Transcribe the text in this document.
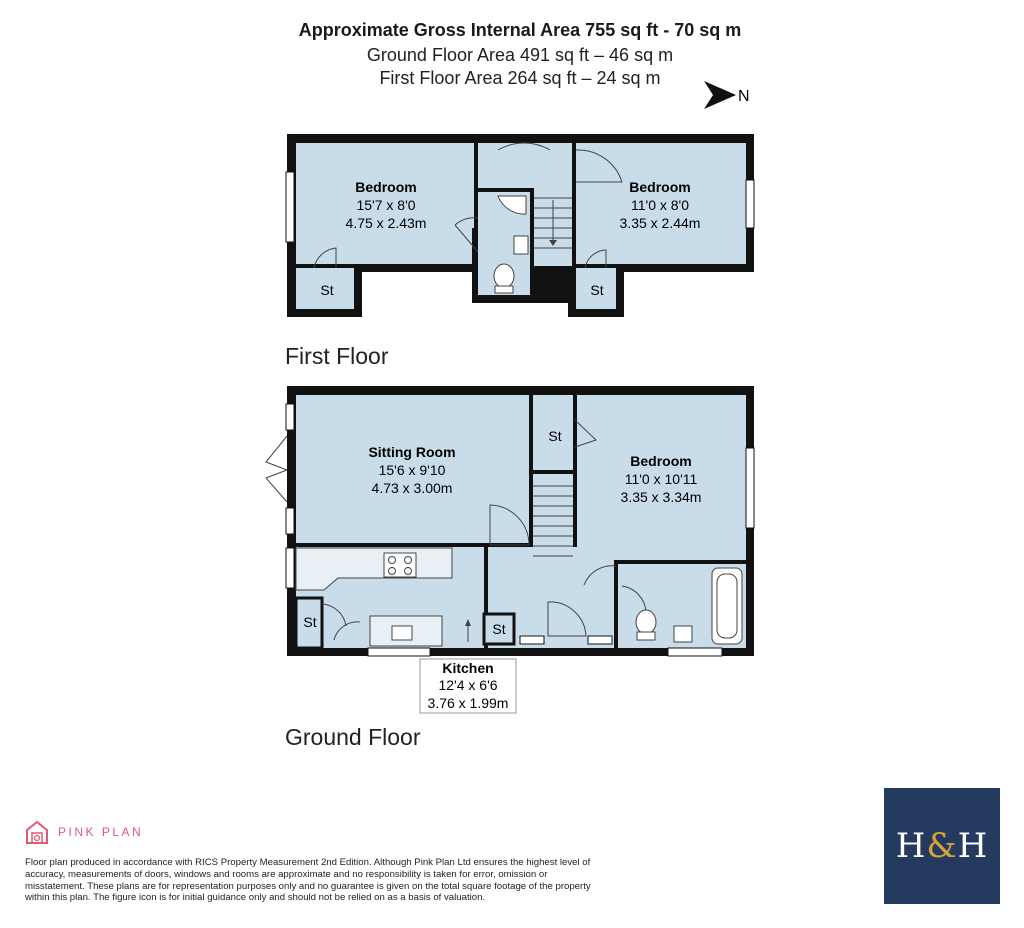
Approximate Gross Internal Area 755 sq ft - 70 sq m
Ground Floor Area 491 sq ft – 46 sq m
First Floor Area 264 sq ft – 24 sq m
N
Bedroom
15'7 x 8'0
4.75 x 2.43m
Bedroom
11'0 x 8'0
3.35 x 2.44m
St	St
Sitting Room
15'6 x 9'10
4.73 x 3.00m
Bedroom
11'0 x 10'11
3.35 x 3.34m
St
St	St
Kitchen
12'4 x 6'6
3.76 x 1.99m
First Floor
Ground Floor
PINK PLAN
Floor plan produced in accordance with RICS Property Measurement 2nd Edition. Although Pink Plan Ltd ensures the highest level of accuracy, measurements of doors, windows and rooms are approximate and no responsibility is taken for error, omission or misstatement. These plans are for representation purposes only and no guarantee is given on the total square footage of the property within this plan. The figure icon is for initial guidance only and should not be relied on as a basis of valuation.
H&H
